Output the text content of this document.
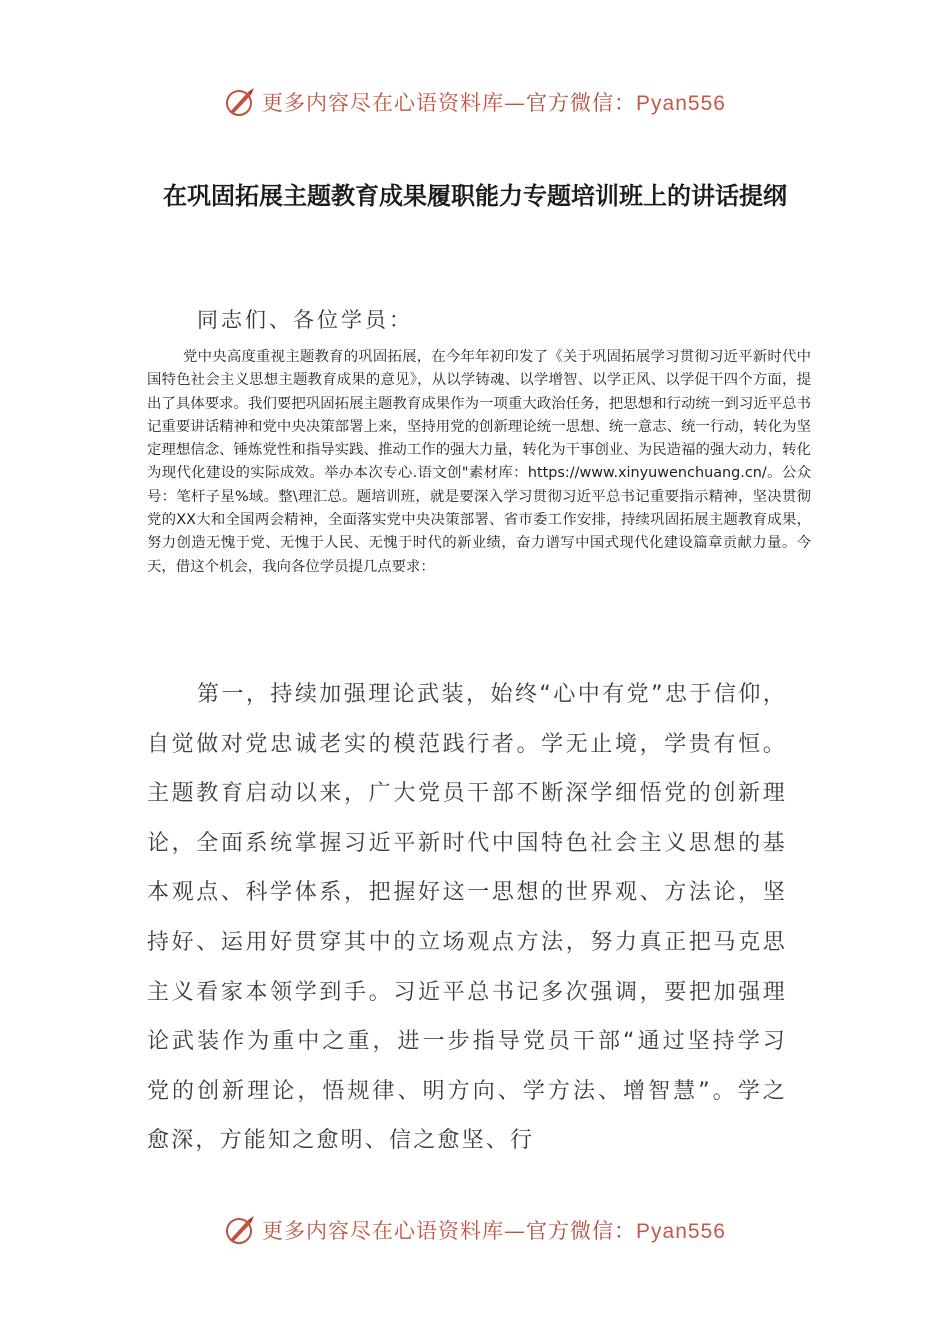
更多内容尽在心语资料库—官方微信：Pyan556
在巩固拓展主题教育成果履职能力专题培训班上的讲话提纲
同志们、各位学员：
党中央高度重视主题教育的巩固拓展，在今年年初印发了《关于巩固拓展学习贯彻习近平新时代中国特色社会主义思想主题教育成果的意见》，从以学铸魂、以学增智、以学正风、以学促干四个方面，提出了具体要求。我们要把巩固拓展主题教育成果作为一项重大政治任务，把思想和行动统一到习近平总书记重要讲话精神和党中央决策部署上来，坚持用党的创新理论统一思想、统一意志、统一行动，转化为坚定理想信念、锤炼党性和指导实践、推动工作的强大力量，转化为干事创业、为民造福的强大动力，转化为现代化建设的实际成效。举办本次专心.语文创"素材库：https://www.xinyuwenchuang.cn/。公众号：笔杆子星%域。整\理汇总。题培训班，就是要深入学习贯彻习近平总书记重要指示精神，坚决贯彻党的XX大和全国两会精神，全面落实党中央决策部署、省市委工作安排，持续巩固拓展主题教育成果，努力创造无愧于党、无愧于人民、无愧于时代的新业绩，奋力谱写中国式现代化建设篇章贡献力量。今天，借这个机会，我向各位学员提几点要求：
第一，持续加强理论武装，始终“心中有党”忠于信仰，自觉做对党忠诚老实的模范践行者。学无止境，学贵有恒。主题教育启动以来，广大党员干部不断深学细悟党的创新理论，全面系统掌握习近平新时代中国特色社会主义思想的基本观点、科学体系，把握好这一思想的世界观、方法论，坚持好、运用好贯穿其中的立场观点方法，努力真正把马克思主义看家本领学到手。习近平总书记多次强调，要把加强理论武装作为重中之重，进一步指导党员干部“通过坚持学习党的创新理论，悟规律、明方向、学方法、增智慧”。学之愈深，方能知之愈明、信之愈坚、行
更多内容尽在心语资料库—官方微信：Pyan556
